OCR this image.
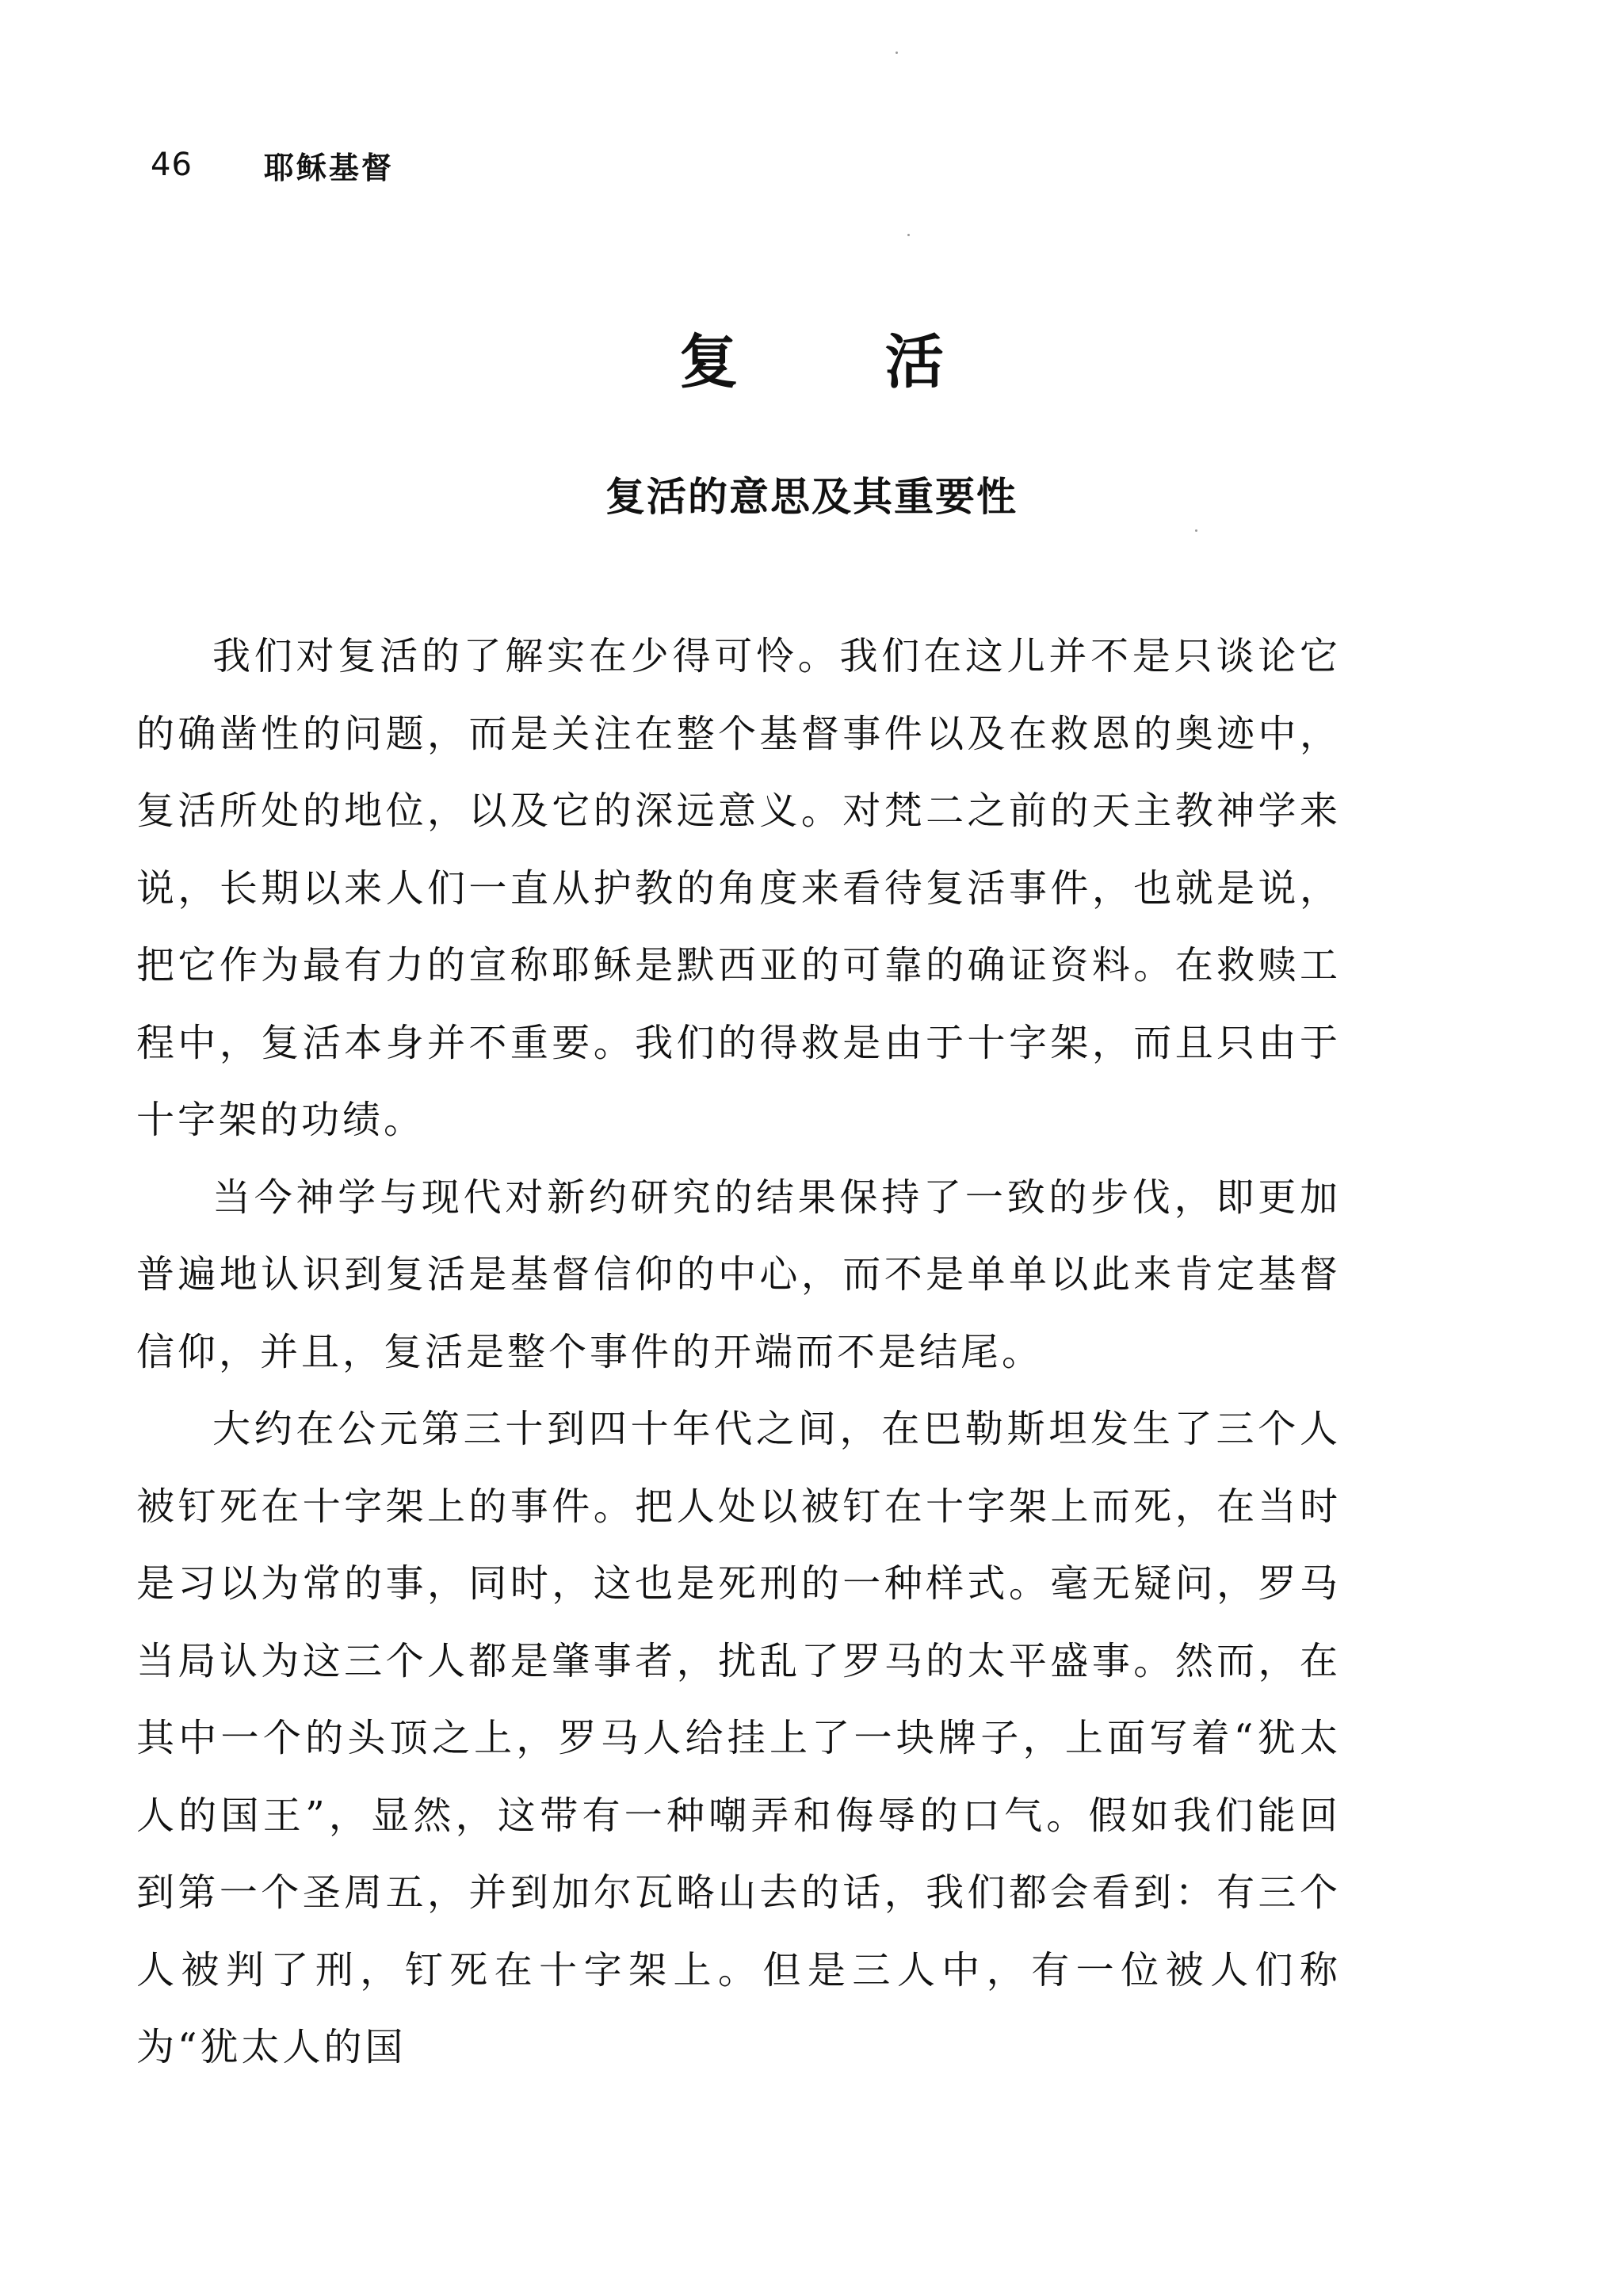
46 耶稣基督
复 活
复活的意思及其重要性

我们对复活的了解实在少得可怜。我们在这儿并不是只谈论它的确凿性的问题，而是关注在整个基督事件以及在救恩的奥迹中，复活所处的地位，以及它的深远意义。对梵二之前的天主教神学来说，长期以来人们一直从护教的角度来看待复活事件，也就是说，把它作为最有力的宣称耶稣是默西亚的可靠的确证资料。在救赎工程中，复活本身并不重要。我们的得救是由于十字架，而且只由于十字架的功绩。

当今神学与现代对新约研究的结果保持了一致的步伐，即更加普遍地认识到复活是基督信仰的中心，而不是单单以此来肯定基督信仰，并且，复活是整个事件的开端而不是结尾。

大约在公元第三十到四十年代之间，在巴勒斯坦发生了三个人被钉死在十字架上的事件。把人处以被钉在十字架上而死，在当时是习以为常的事，同时，这也是死刑的一种样式。毫无疑问，罗马当局认为这三个人都是肇事者，扰乱了罗马的太平盛事。然而，在其中一个的头顶之上，罗马人给挂上了一块牌子，上面写着“犹太人的国王”，显然，这带有一种嘲弄和侮辱的口气。假如我们能回到第一个圣周五，并到加尔瓦略山去的话，我们都会看到：有三个人被判了刑，钉死在十字架上。但是三人中，有一位被人们称为“犹太人的国
